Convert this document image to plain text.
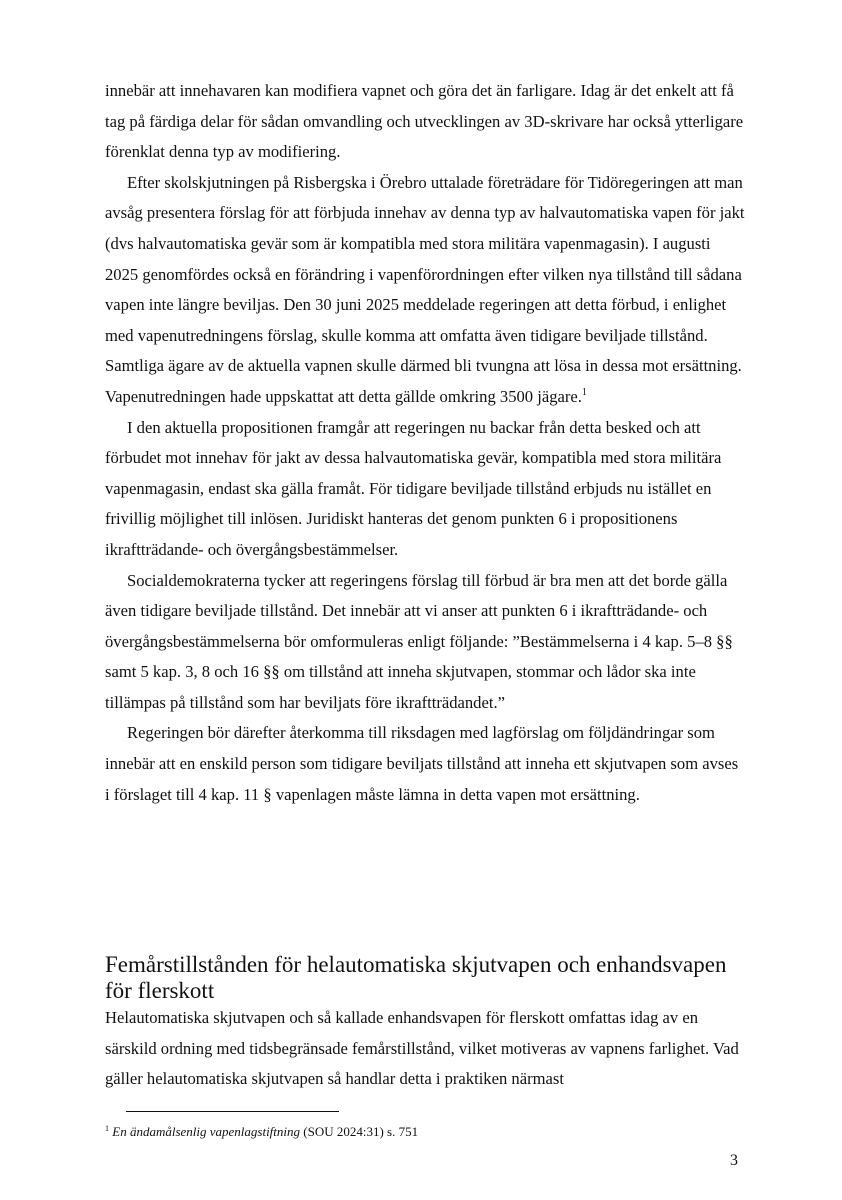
innebär att innehavaren kan modifiera vapnet och göra det än farligare. Idag är det enkelt att få tag på färdiga delar för sådan omvandling och utvecklingen av 3D-skrivare har också ytterligare förenklat denna typ av modifiering.

Efter skolskjutningen på Risbergska i Örebro uttalade företrädare för Tidöregeringen att man avsåg presentera förslag för att förbjuda innehav av denna typ av halvautomatiska vapen för jakt (dvs halvautomatiska gevär som är kompatibla med stora militära vapenmagasin). I augusti 2025 genomfördes också en förändring i vapenförordningen efter vilken nya tillstånd till sådana vapen inte längre beviljas. Den 30 juni 2025 meddelade regeringen att detta förbud, i enlighet med vapenutredningens förslag, skulle komma att omfatta även tidigare beviljade tillstånd. Samtliga ägare av de aktuella vapnen skulle därmed bli tvungna att lösa in dessa mot ersättning. Vapenutredningen hade uppskattat att detta gällde omkring 3500 jägare.$^1$

I den aktuella propositionen framgår att regeringen nu backar från detta besked och att förbudet mot innehav för jakt av dessa halvautomatiska gevär, kompatibla med stora militära vapenmagasin, endast ska gälla framåt. För tidigare beviljade tillstånd erbjuds nu istället en frivillig möjlighet till inlösen. Juridiskt hanteras det genom punkten 6 i propositionens ikraftträdande- och övergångsbestämmelser.

Socialdemokraterna tycker att regeringens förslag till förbud är bra men att det borde gälla även tidigare beviljade tillstånd. Det innebär att vi anser att punkten 6 i ikraftträdande- och övergångsbestämmelserna bör omformuleras enligt följande: ”Bestämmelserna i 4 kap. 5–8 §§ samt 5 kap. 3, 8 och 16 §§ om tillstånd att inneha skjutvapen, stommar och lådor ska inte tillämpas på tillstånd som har beviljats före ikraftträdandet.”

Regeringen bör därefter återkomma till riksdagen med lagförslag om följdändringar som innebär att en enskild person som tidigare beviljats tillstånd att inneha ett skjutvapen som avses i förslaget till 4 kap. 11 § vapenlagen måste lämna in detta vapen mot ersättning.

Femårstillstånden för helautomatiska skjutvapen och enhandsvapen för flerskott

Helautomatiska skjutvapen och så kallade enhandsvapen för flerskott omfattas idag av en särskild ordning med tidsbegränsade femårstillstånd, vilket motiveras av vapnens farlighet. Vad gäller helautomatiska skjutvapen så handlar detta i praktiken närmast

$^1$ En ändamålsenlig vapenlagstiftning (SOU 2024:31) s. 751
3
